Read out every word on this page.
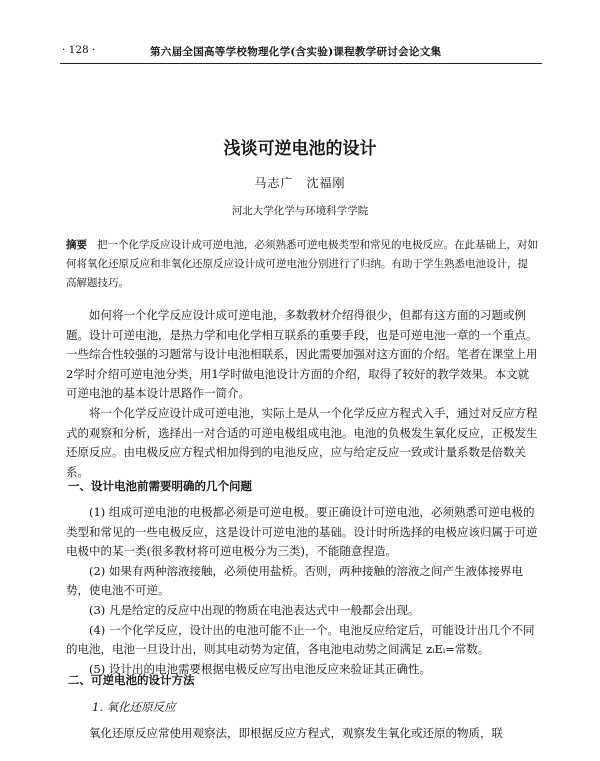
· 128 ·	第六届全国高等学校物理化学(含实验)课程教学研讨会论文集
浅谈可逆电池的设计
马志广　沈福刚
河北大学化学与环境科学学院
摘要 把一个化学反应设计成可逆电池，必须熟悉可逆电极类型和常见的电极反应。在此基础上，对如何将氧化还原反应和非氧化还原反应设计成可逆电池分别进行了归纳。有助于学生熟悉电池设计，提高解题技巧。

如何将一个化学反应设计成可逆电池，多数教材介绍得很少，但都有这方面的习题或例题。设计可逆电池，是热力学和电化学相互联系的重要手段，也是可逆电池一章的一个重点。一些综合性较强的习题常与设计电池相联系，因此需要加强对这方面的介绍。笔者在课堂上用2学时介绍可逆电池分类，用1学时做电池设计方面的介绍，取得了较好的教学效果。本文就可逆电池的基本设计思路作一简介。

将一个化学反应设计成可逆电池，实际上是从一个化学反应方程式入手，通过对反应方程式的观察和分析，选择出一对合适的可逆电极组成电池。电池的负极发生氧化反应，正极发生还原反应。由电极反应方程式相加得到的电池反应，应与给定反应一致或计量系数是倍数关系。

一、设计电池前需要明确的几个问题

(1) 组成可逆电池的电极都必须是可逆电极。要正确设计可逆电池，必须熟悉可逆电极的类型和常见的一些电极反应，这是设计可逆电池的基础。设计时所选择的电极应该归属于可逆电极中的某一类(很多教材将可逆电极分为三类)，不能随意捏造。

(2) 如果有两种溶液接触，必须使用盐桥。否则，两种接触的溶液之间产生液体接界电势，使电池不可逆。

(3) 凡是给定的反应中出现的物质在电池表达式中一般都会出现。

(4) 一个化学反应，设计出的电池可能不止一个。电池反应给定后，可能设计出几个不同的电池，电池一旦设计出，则其电动势为定值，各电池电动势之间满足 zᵢEᵢ=常数。

(5) 设计出的电池需要根据电极反应写出电池反应来验证其正确性。

二、可逆电池的设计方法
1. 氧化还原反应
氧化还原反应常使用观察法，即根据反应方程式，观察发生氧化或还原的物质，联
